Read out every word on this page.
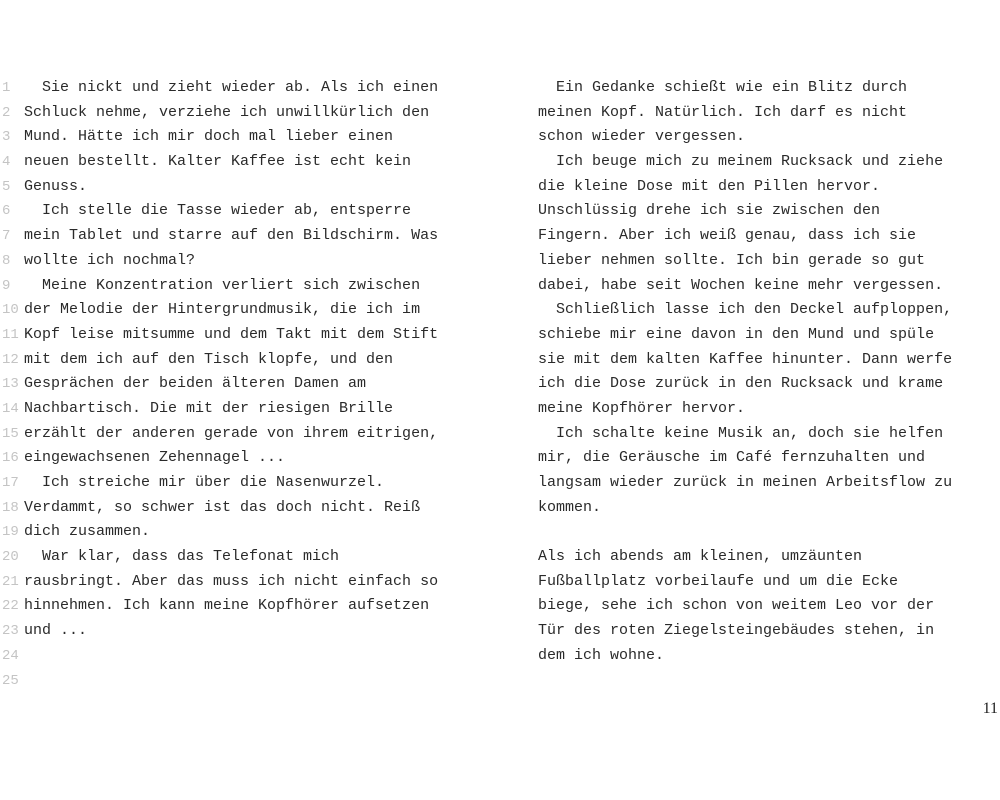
1 Sie nickt und zieht wieder ab. Als ich einen
2 Schluck nehme, verziehe ich unwillkürlich den
3 Mund. Hätte ich mir doch mal lieber einen
4 neuen bestellt. Kalter Kaffee ist echt kein
5 Genuss.
6 Ich stelle die Tasse wieder ab, entsperre
7 mein Tablet und starre auf den Bildschirm. Was
8 wollte ich nochmal?
9 Meine Konzentration verliert sich zwischen
10 der Melodie der Hintergrundmusik, die ich im
11 Kopf leise mitsumme und dem Takt mit dem Stift
12 mit dem ich auf den Tisch klopfe, und den
13 Gesprächen der beiden älteren Damen am
14 Nachbartisch. Die mit der riesigen Brille
15 erzählt der anderen gerade von ihrem eitrigen,
16 eingewachsenen Zehennagel ...
17 Ich streiche mir über die Nasenwurzel.
18 Verdammt, so schwer ist das doch nicht. Reiß
19 dich zusammen.
20 War klar, dass das Telefonat mich
21 rausbringt. Aber das muss ich nicht einfach so
22 hinnehmen. Ich kann meine Kopfhörer aufsetzen
23 und ...
24
25
Ein Gedanke schießt wie ein Blitz durch
meinen Kopf. Natürlich. Ich darf es nicht
schon wieder vergessen.
Ich beuge mich zu meinem Rucksack und ziehe
die kleine Dose mit den Pillen hervor.
Unschlüssig drehe ich sie zwischen den
Fingern. Aber ich weiß genau, dass ich sie
lieber nehmen sollte. Ich bin gerade so gut
dabei, habe seit Wochen keine mehr vergessen.
Schließlich lasse ich den Deckel aufploppen,
schiebe mir eine davon in den Mund und spüle
sie mit dem kalten Kaffee hinunter. Dann werfe
ich die Dose zurück in den Rucksack und krame
meine Kopfhörer hervor.
Ich schalte keine Musik an, doch sie helfen
mir, die Geräusche im Café fernzuhalten und
langsam wieder zurück in meinen Arbeitsflow zu
kommen.
Als ich abends am kleinen, umzäunten
Fußballplatz vorbeilaufe und um die Ecke
biege, sehe ich schon von weitem Leo vor der
Tür des roten Ziegelsteingebäudes stehen, in
dem ich wohne.
11
